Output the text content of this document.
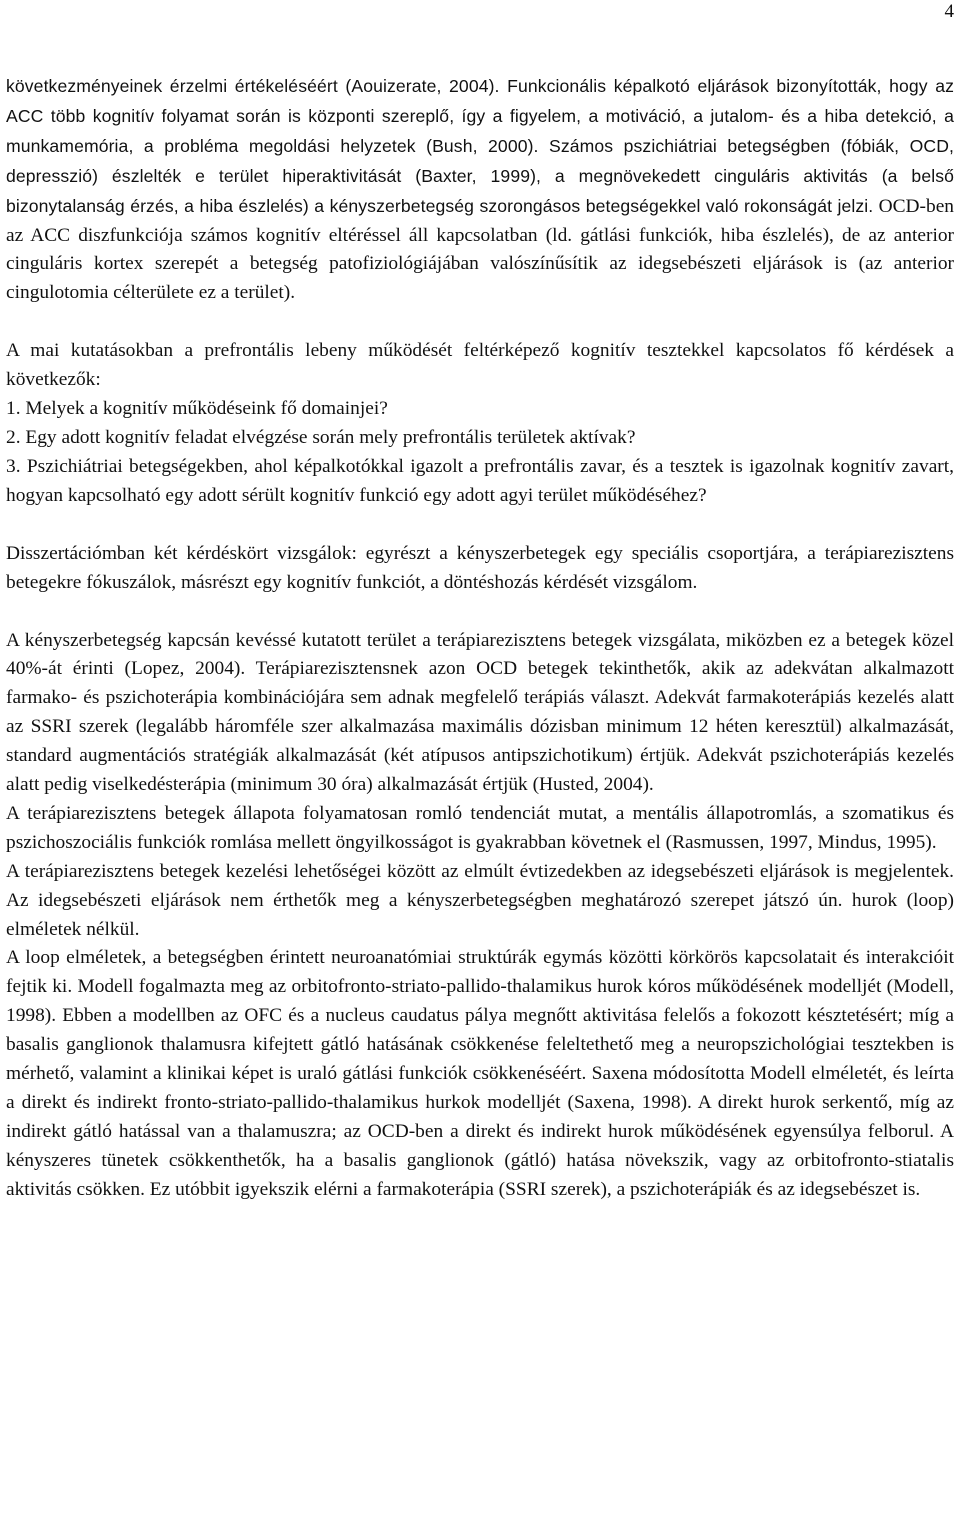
4

következményeinek érzelmi értékeléséért (Aouizerate, 2004). Funkcionális képalkotó eljárások bizonyították, hogy az ACC több kognitív folyamat során is központi szereplő, így a figyelem, a motiváció, a jutalom- és a hiba detekció, a munkamemória, a probléma megoldási helyzetek (Bush, 2000). Számos pszichiátriai betegségben (fóbiák, OCD, depresszió) észlelték e terület hiperaktivitását (Baxter, 1999), a megnövekedett cinguláris aktivitás (a belső bizonytalanság érzés, a hiba észlelés) a kényszerbetegség szorongásos betegségekkel való rokonságát jelzi. OCD-ben az ACC diszfunkciója számos kognitív eltéréssel áll kapcsolatban (ld. gátlási funkciók, hiba észlelés), de az anterior cinguláris kortex szerepét a betegség patofiziológiájában valószínűsítik az idegsebészeti eljárások is (az anterior cingulotomia célterülete ez a terület).

A mai kutatásokban a prefrontális lebeny működését feltérképező kognitív tesztekkel kapcsolatos fő kérdések a következők:

1. Melyek a kognitív működéseink fő domainjei?

2. Egy adott kognitív feladat elvégzése során mely prefrontális területek aktívak?

3. Pszichiátriai betegségekben, ahol képalkotókkal igazolt a prefrontális zavar, és a tesztek is igazolnak kognitív zavart, hogyan kapcsolható egy adott sérült kognitív funkció egy adott agyi terület működéséhez?

Disszertációmban két kérdéskört vizsgálok: egyrészt a kényszerbetegek egy speciális csoportjára, a terápiarezisztens betegekre fókuszálok, másrészt egy kognitív funkciót, a döntéshozás kérdését vizsgálom.

A kényszerbetegség kapcsán kevéssé kutatott terület a terápiarezisztens betegek vizsgálata, miközben ez a betegek közel 40%-át érinti (Lopez, 2004). Terápiarezisztensnek azon OCD betegek tekinthetők, akik az adekvátan alkalmazott farmako- és pszichoterápia kombinációjára sem adnak megfelelő terápiás választ. Adekvát farmakoterápiás kezelés alatt az SSRI szerek (legalább háromféle szer alkalmazása maximális dózisban minimum 12 héten keresztül) alkalmazását, standard augmentációs stratégiák alkalmazását (két atípusos antipszichotikum) értjük. Adekvát pszichoterápiás kezelés alatt pedig viselkedésterápia (minimum 30 óra) alkalmazását értjük (Husted, 2004).

A terápiarezisztens betegek állapota folyamatosan romló tendenciát mutat, a mentális állapotromlás, a szomatikus és pszichoszociális funkciók romlása mellett öngyilkosságot is gyakrabban követnek el (Rasmussen, 1997, Mindus, 1995).

A terápiarezisztens betegek kezelési lehetőségei között az elmúlt évtizedekben az idegsebészeti eljárások is megjelentek. Az idegsebészeti eljárások nem érthetők meg a kényszerbetegségben meghatározó szerepet játszó ún. hurok (loop) elméletek nélkül.

A loop elméletek, a betegségben érintett neuroanatómiai struktúrák egymás közötti körkörös kapcsolatait és interakcióit fejtik ki. Modell fogalmazta meg az orbitofronto-striato-pallido-thalamikus hurok kóros működésének modelljét (Modell, 1998). Ebben a modellben az OFC és a nucleus caudatus pálya megnőtt aktivitása felelős a fokozott késztetésért; míg a basalis ganglionok thalamusra kifejtett gátló hatásának csökkenése feleltethető meg a neuropszichológiai tesztekben is mérhető, valamint a klinikai képet is uraló gátlási funkciók csökkenéséért. Saxena módosította Modell elméletét, és leírta a direkt és indirekt fronto-striato-pallido-thalamikus hurkok modelljét (Saxena, 1998). A direkt hurok serkentő, míg az indirekt gátló hatással van a thalamuszra; az OCD-ben a direkt és indirekt hurok működésének egyensúlya felborul. A kényszeres tünetek csökkenthetők, ha a basalis ganglionok (gátló) hatása növekszik, vagy az orbitofronto-stiatalis aktivitás csökken. Ez utóbbit igyekszik elérni a farmakoterápia (SSRI szerek), a pszichoterápiák és az idegsebészet is.
